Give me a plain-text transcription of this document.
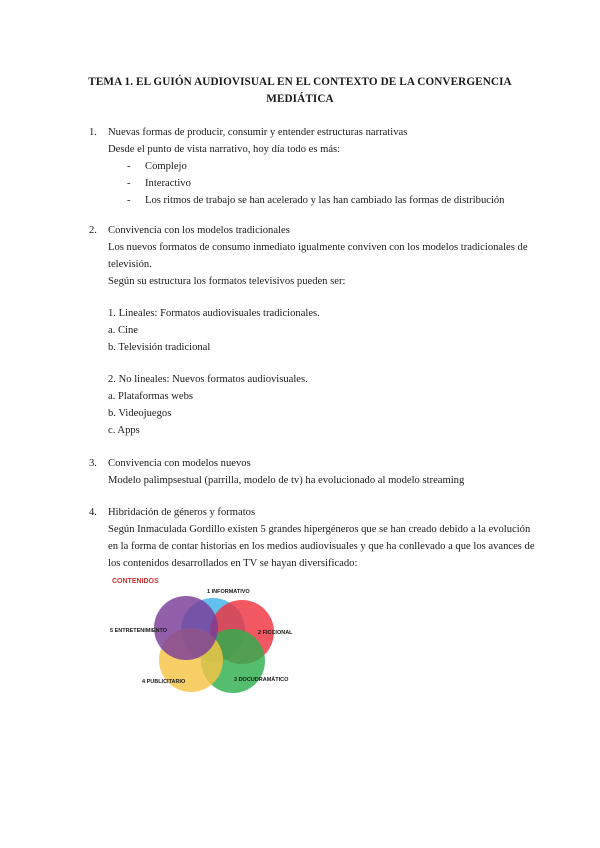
TEMA 1. EL GUIÓN AUDIOVISUAL EN EL CONTEXTO DE LA CONVERGENCIA
MEDIÁTICA
1. Nuevas formas de producir, consumir y entender estructuras narrativas
Desde el punto de vista narrativo, hoy día todo es más:
- Complejo
- Interactivo
- Los ritmos de trabajo se han acelerado y las han cambiado las formas de distribución
2. Convivencia con los modelos tradicionales
Los nuevos formatos de consumo inmediato igualmente conviven con los modelos tradicionales de
televisión.
Según su estructura los formatos televisivos pueden ser:
1. Lineales: Formatos audiovisuales tradicionales.
a. Cine
b. Televisión tradicional
2. No lineales: Nuevos formatos audiovisuales.
a. Plataformas webs
b. Videojuegos
c. Apps
3. Convivencia con modelos nuevos
Modelo palimpsestual (parrilla, modelo de tv) ha evolucionado al modelo streaming
4. Hibridación de géneros y formatos
Según Inmaculada Gordillo existen 5 grandes hipergéneros que se han creado debido a la evolución
en la forma de contar historias en los medios audiovisuales y que ha conllevado a que los avances de
los contenidos desarrollados en TV se hayan diversificado:
CONTENIDOS
1 INFORMATIVO
2 FICCIONAL
3 DOCUDRAMÁTICO
4 PUBLICITARIO
5 ENTRETENIMIENTO
